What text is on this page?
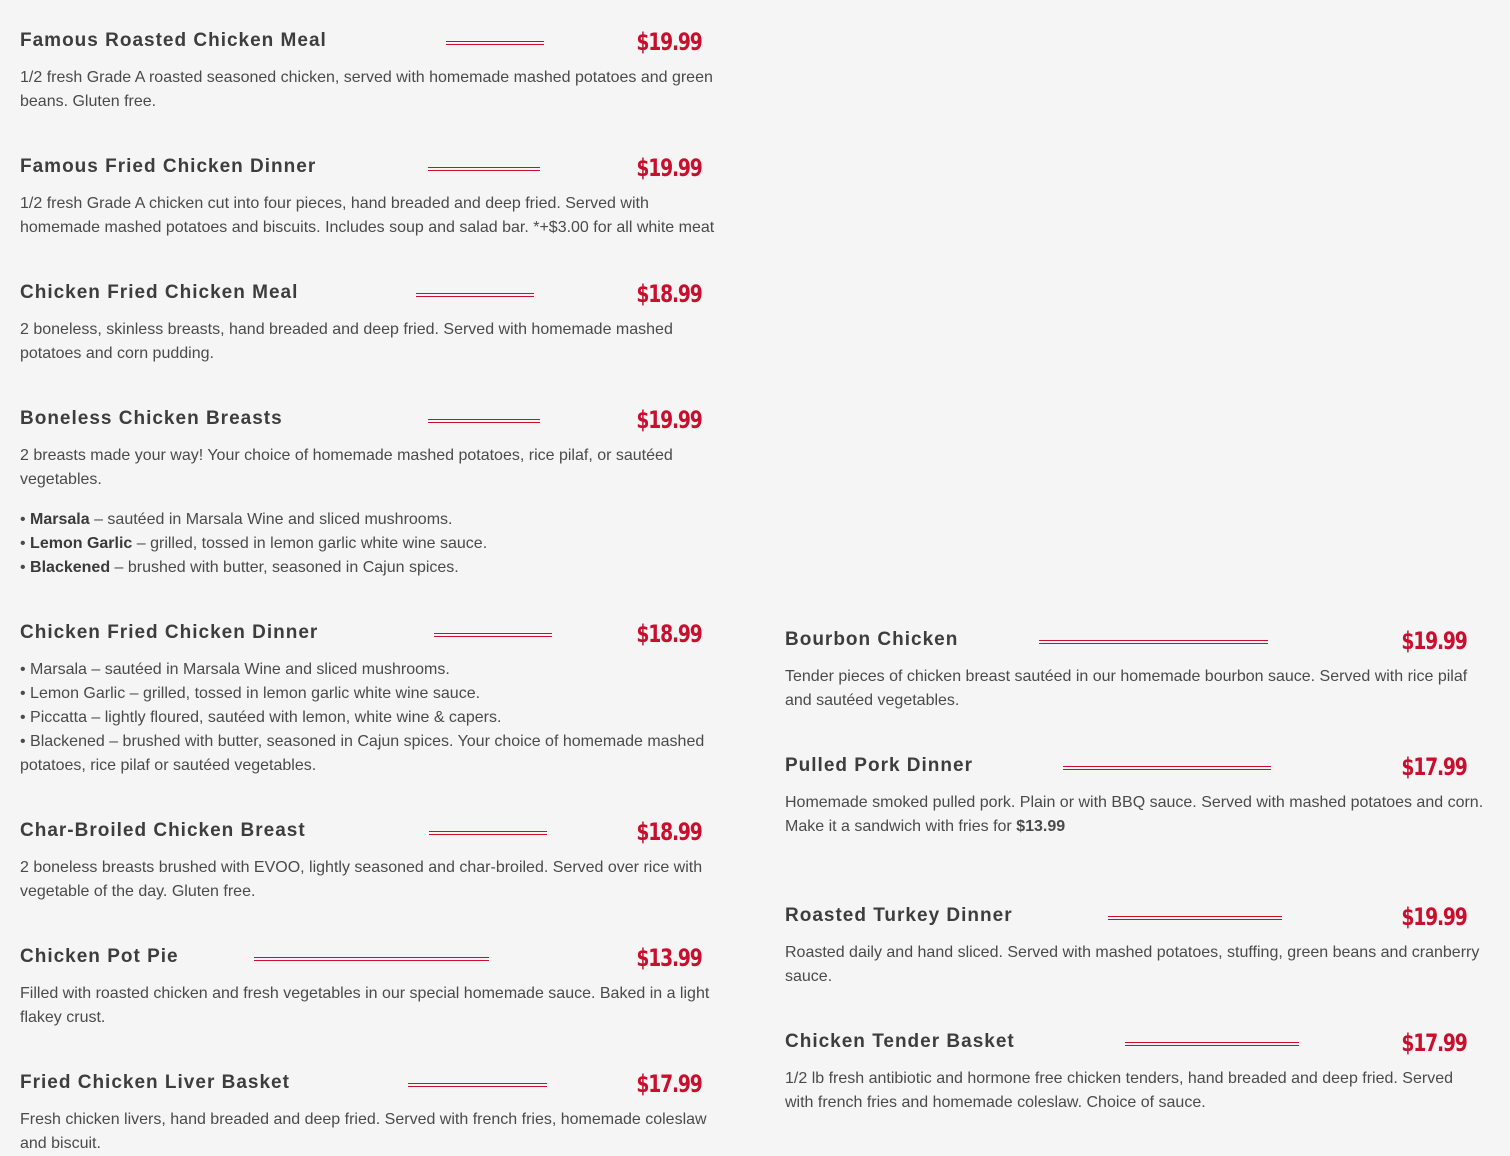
Famous Roasted Chicken Meal	$19.99

1/2 fresh Grade A roasted seasoned chicken, served with homemade mashed potatoes and green beans. Gluten free.

Famous Fried Chicken Dinner	$19.99

1/2 fresh Grade A chicken cut into four pieces, hand breaded and deep fried. Served with homemade mashed potatoes and biscuits. Includes soup and salad bar. *+$3.00 for all white meat

Chicken Fried Chicken Meal	$18.99

2 boneless, skinless breasts, hand breaded and deep fried. Served with homemade mashed potatoes and corn pudding.

Boneless Chicken Breasts	$19.99

2 breasts made your way! Your choice of homemade mashed potatoes, rice pilaf, or sautéed vegetables.

• Marsala – sautéed in Marsala Wine and sliced mushrooms.
• Lemon Garlic – grilled, tossed in lemon garlic white wine sauce.
• Blackened – brushed with butter, seasoned in Cajun spices.
Chicken Fried Chicken Dinner	$18.99
• Marsala – sautéed in Marsala Wine and sliced mushrooms.
• Lemon Garlic – grilled, tossed in lemon garlic white wine sauce.
• Piccatta – lightly floured, sautéed with lemon, white wine & capers.
• Blackened – brushed with butter, seasoned in Cajun spices. Your choice of homemade mashed potatoes, rice pilaf or sautéed vegetables.
Char-Broiled Chicken Breast	$18.99

2 boneless breasts brushed with EVOO, lightly seasoned and char-broiled. Served over rice with vegetable of the day. Gluten free.

Chicken Pot Pie	$13.99

Filled with roasted chicken and fresh vegetables in our special homemade sauce. Baked in a light flakey crust.

Fried Chicken Liver Basket	$17.99

Fresh chicken livers, hand breaded and deep fried. Served with french fries, homemade coleslaw and biscuit.

Bourbon Chicken	$19.99

Tender pieces of chicken breast sautéed in our homemade bourbon sauce. Served with rice pilaf and sautéed vegetables.

Pulled Pork Dinner	$17.99

Homemade smoked pulled pork. Plain or with BBQ sauce. Served with mashed potatoes and corn.

Make it a sandwich with fries for $13.99

Roasted Turkey Dinner	$19.99

Roasted daily and hand sliced. Served with mashed potatoes, stuffing, green beans and cranberry sauce.

Chicken Tender Basket	$17.99

1/2 lb fresh antibiotic and hormone free chicken tenders, hand breaded and deep fried. Served with french fries and homemade coleslaw. Choice of sauce.
